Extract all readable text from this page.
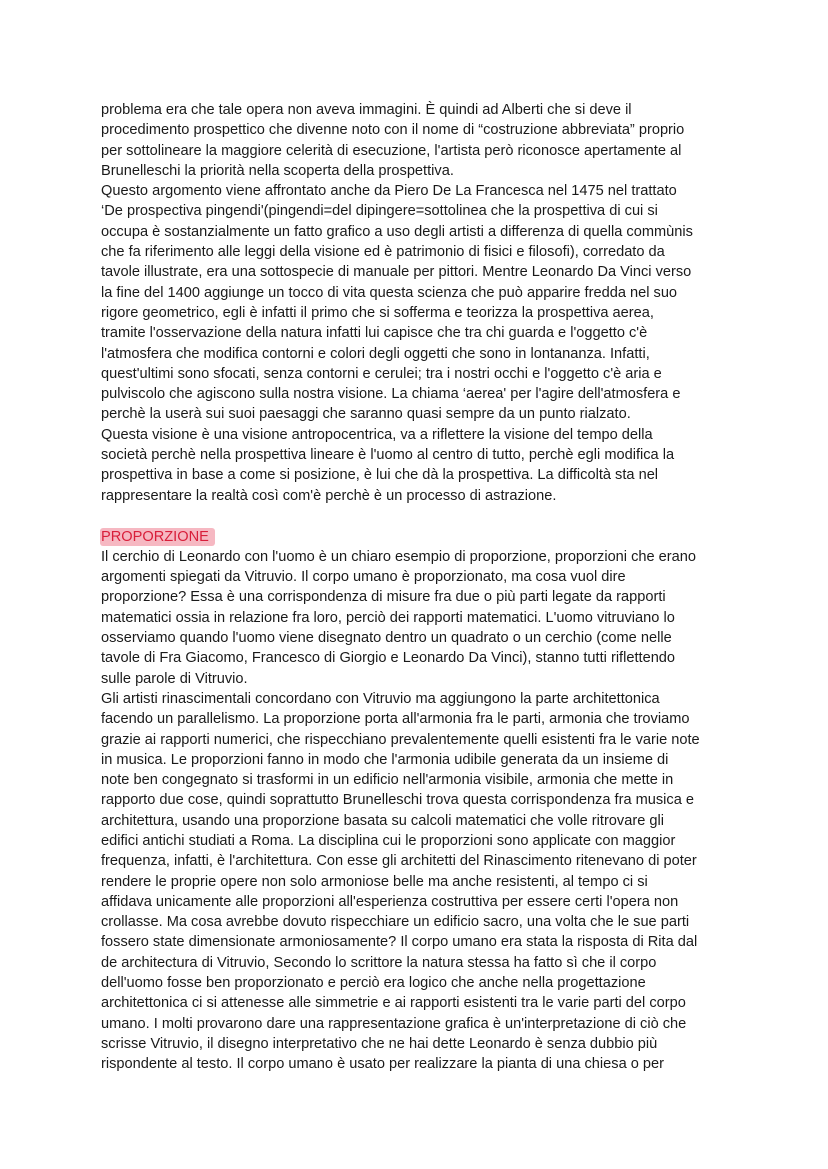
problema era che tale opera non aveva immagini. È quindi ad Alberti che si deve il
procedimento prospettico che divenne noto con il nome di “costruzione abbreviata” proprio
per sottolineare la maggiore celerità di esecuzione, l'artista però riconosce apertamente al
Brunelleschi la priorità nella scoperta della prospettiva.
Questo argomento viene affrontato anche da Piero De La Francesca nel 1475 nel trattato
‘De prospectiva pingendi'(pingendi=del dipingere=sottolinea che la prospettiva di cui si
occupa è sostanzialmente un fatto grafico a uso degli artisti a differenza di quella commùnis
che fa riferimento alle leggi della visione ed è patrimonio di fisici e filosofi), corredato da
tavole illustrate, era una sottospecie di manuale per pittori. Mentre Leonardo Da Vinci verso
la fine del 1400 aggiunge un tocco di vita questa scienza che può apparire fredda nel suo
rigore geometrico, egli è infatti il primo che si sofferma e teorizza la prospettiva aerea,
tramite l'osservazione della natura infatti lui capisce che tra chi guarda e l'oggetto c'è
l'atmosfera che modifica contorni e colori degli oggetti che sono in lontananza. Infatti,
quest'ultimi sono sfocati, senza contorni e cerulei; tra i nostri occhi e l'oggetto c'è aria e
pulviscolo che agiscono sulla nostra visione. La chiama ‘aerea' per l'agire dell'atmosfera e
perchè la userà sui suoi paesaggi che saranno quasi sempre da un punto rialzato.
Questa visione è una visione antropocentrica, va a riflettere la visione del tempo della
società perchè nella prospettiva lineare è l'uomo al centro di tutto, perchè egli modifica la
prospettiva in base a come si posizione, è lui che dà la prospettiva. La difficoltà sta nel
rappresentare la realtà così com'è perchè è un processo di astrazione.
PROPORZIONE
Il cerchio di Leonardo con l'uomo è un chiaro esempio di proporzione, proporzioni che erano
argomenti spiegati da Vitruvio. Il corpo umano è proporzionato, ma cosa vuol dire
proporzione? Essa è una corrispondenza di misure fra due o più parti legate da rapporti
matematici ossia in relazione fra loro, perciò dei rapporti matematici. L'uomo vitruviano lo
osserviamo quando l'uomo viene disegnato dentro un quadrato o un cerchio (come nelle
tavole di Fra Giacomo, Francesco di Giorgio e Leonardo Da Vinci), stanno tutti riflettendo
sulle parole di Vitruvio.
Gli artisti rinascimentali concordano con Vitruvio ma aggiungono la parte architettonica
facendo un parallelismo. La proporzione porta all'armonia fra le parti, armonia che troviamo
grazie ai rapporti numerici, che rispecchiano prevalentemente quelli esistenti fra le varie note
in musica. Le proporzioni fanno in modo che l'armonia udibile generata da un insieme di
note ben congegnato si trasformi in un edificio nell'armonia visibile, armonia che mette in
rapporto due cose, quindi soprattutto Brunelleschi trova questa corrispondenza fra musica e
architettura, usando una proporzione basata su calcoli matematici che volle ritrovare gli
edifici antichi studiati a Roma. La disciplina cui le proporzioni sono applicate con maggior
frequenza, infatti, è l'architettura. Con esse gli architetti del Rinascimento ritenevano di poter
rendere le proprie opere non solo armoniose belle ma anche resistenti, al tempo ci si
affidava unicamente alle proporzioni all'esperienza costruttiva per essere certi l'opera non
crollasse. Ma cosa avrebbe dovuto rispecchiare un edificio sacro, una volta che le sue parti
fossero state dimensionate armoniosamente? Il corpo umano era stata la risposta di Rita dal
de architectura di Vitruvio, Secondo lo scrittore la natura stessa ha fatto sì che il corpo
dell'uomo fosse ben proporzionato e perciò era logico che anche nella progettazione
architettonica ci si attenesse alle simmetrie e ai rapporti esistenti tra le varie parti del corpo
umano. I molti provarono dare una rappresentazione grafica è un'interpretazione di ciò che
scrisse Vitruvio, il disegno interpretativo che ne hai dette Leonardo è senza dubbio più
rispondente al testo. Il corpo umano è usato per realizzare la pianta di una chiesa o per
